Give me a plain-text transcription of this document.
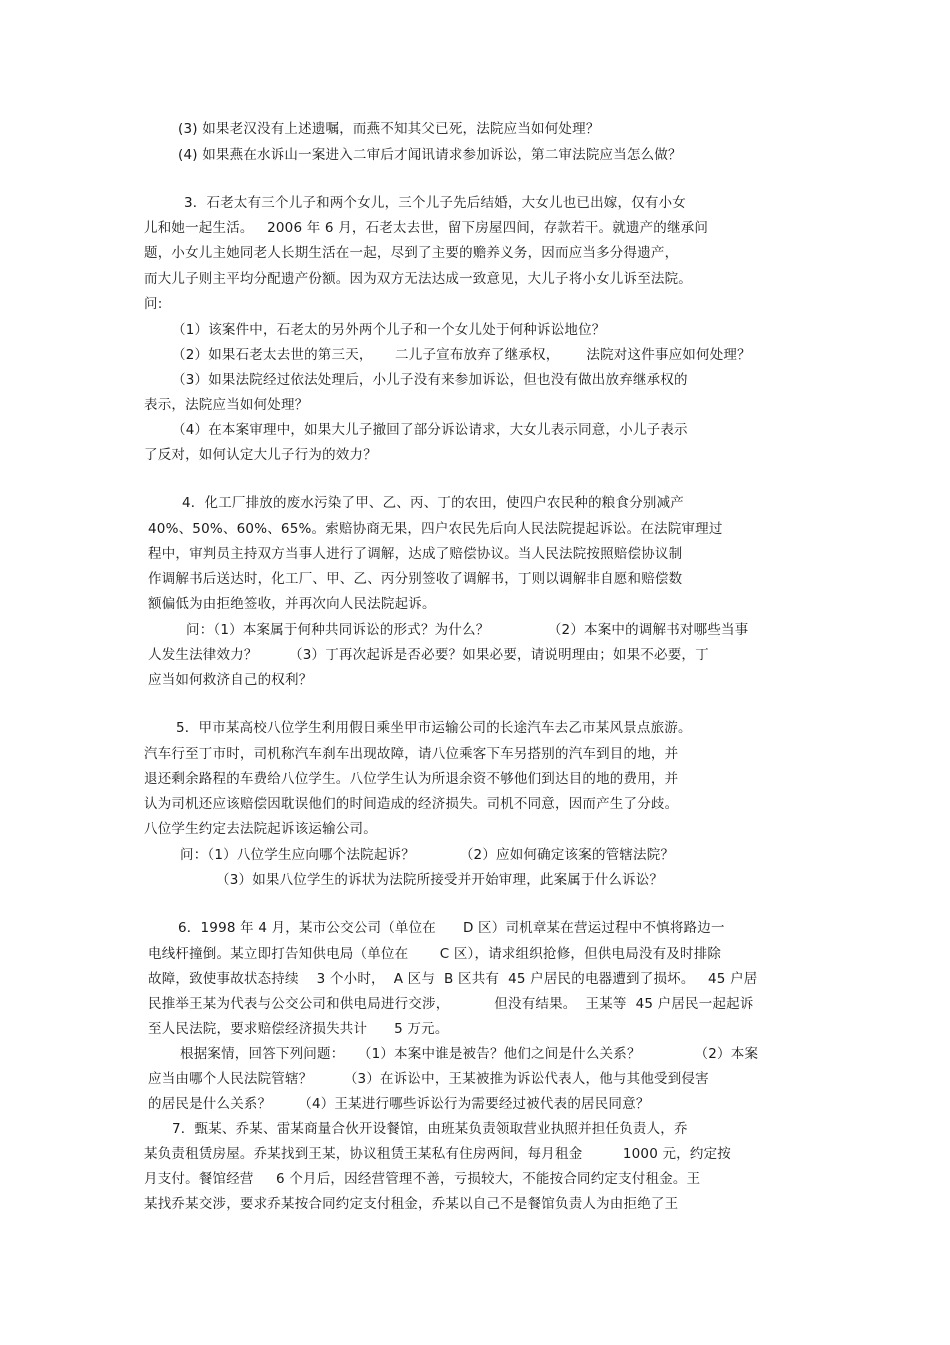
(3) 如果老汉没有上述遗嘱，而燕不知其父已死，法院应当如何处理？
(4) 如果燕在水诉山一案进入二审后才闻讯请求参加诉讼，第二审法院应当怎么做？
3．石老太有三个儿子和两个女儿，三个儿子先后结婚，大女儿也已出嫁，仅有小女
儿和她一起生活。   2006 年 6 月，石老太去世，留下房屋四间，存款若干。就遗产的继承问
题，小女儿主她同老人长期生活在一起，尽到了主要的赡养义务，因而应当多分得遗产，
而大儿子则主平均分配遗产份额。因为双方无法达成一致意见，大儿子将小女儿诉至法院。
问:
（1）该案件中，石老太的另外两个儿子和一个女儿处于何种诉讼地位？
（2）如果石老太去世的第三天，     二儿子宣布放弃了继承权，      法院对这件事应如何处理？
（3）如果法院经过依法处理后，小儿子没有来参加诉讼，但也没有做出放弃继承权的
表示，法院应当如何处理？
（4）在本案审理中，如果大儿子撤回了部分诉讼请求，大女儿表示同意，小儿子表示
了反对，如何认定大儿子行为的效力？
4．化工厂排放的废水污染了甲、乙、丙、丁的农田，使四户农民种的粮食分别减产
40%、50%、60%、65%。索赔协商无果，四户农民先后向人民法院提起诉讼。在法院审理过
程中，审判员主持双方当事人进行了调解，达成了赔偿协议。当人民法院按照赔偿协议制
作调解书后送达时，化工厂、甲、乙、丙分别签收了调解书，丁则以调解非自愿和赔偿数
额偏低为由拒绝签收，并再次向人民法院起诉。
问：（1）本案属于何种共同诉讼的形式？为什么？             （2）本案中的调解书对哪些当事
人发生法律效力？       （3）丁再次起诉是否必要？如果必要，请说明理由；如果不必要，丁
应当如何救济自己的权利？
5．甲市某高校八位学生利用假日乘坐甲市运输公司的长途汽车去乙市某风景点旅游。
汽车行至丁市时，司机称汽车刹车出现故障，请八位乘客下车另搭别的汽车到目的地，并
退还剩余路程的车费给八位学生。八位学生认为所退余资不够他们到达目的地的费用，并
认为司机还应该赔偿因耽误他们的时间造成的经济损失。司机不同意，因而产生了分歧。
八位学生约定去法院起诉该运输公司。
问：（1）八位学生应向哪个法院起诉？          （2）应如何确定该案的管辖法院？
（3）如果八位学生的诉状为法院所接受并开始审理，此案属于什么诉讼？
6．1998 年 4 月，某市公交公司（单位在      D 区）司机章某在营运过程中不慎将路边一
电线杆撞倒。某立即打告知供电局（单位在       C 区），请求组织抢修，但供电局没有及时排除
故障，致使事故状态持续    3 个小时，  A 区与  B 区共有  45 户居民的电器遭到了损坏。   45 户居
民推举王某为代表与公交公司和供电局进行交涉，          但没有结果。  王某等  45 户居民一起起诉
至人民法院，要求赔偿经济损失共计      5 万元。
根据案情，回答下列问题：   （1）本案中谁是被告？他们之间是什么关系？            （2）本案
应当由哪个人民法院管辖？       （3）在诉讼中，王某被推为诉讼代表人，他与其他受到侵害
的居民是什么关系？      （4）王某进行哪些诉讼行为需要经过被代表的居民同意？
7．甄某、乔某、雷某商量合伙开设餐馆，由班某负责领取营业执照并担任负责人，乔
某负责租赁房屋。乔某找到王某，协议租赁王某私有住房两间，每月租金         1000 元，约定按
月支付。餐馆经营     6 个月后，因经营管理不善，亏损较大，不能按合同约定支付租金。王
某找乔某交涉，要求乔某按合同约定支付租金，乔某以自己不是餐馆负责人为由拒绝了王
